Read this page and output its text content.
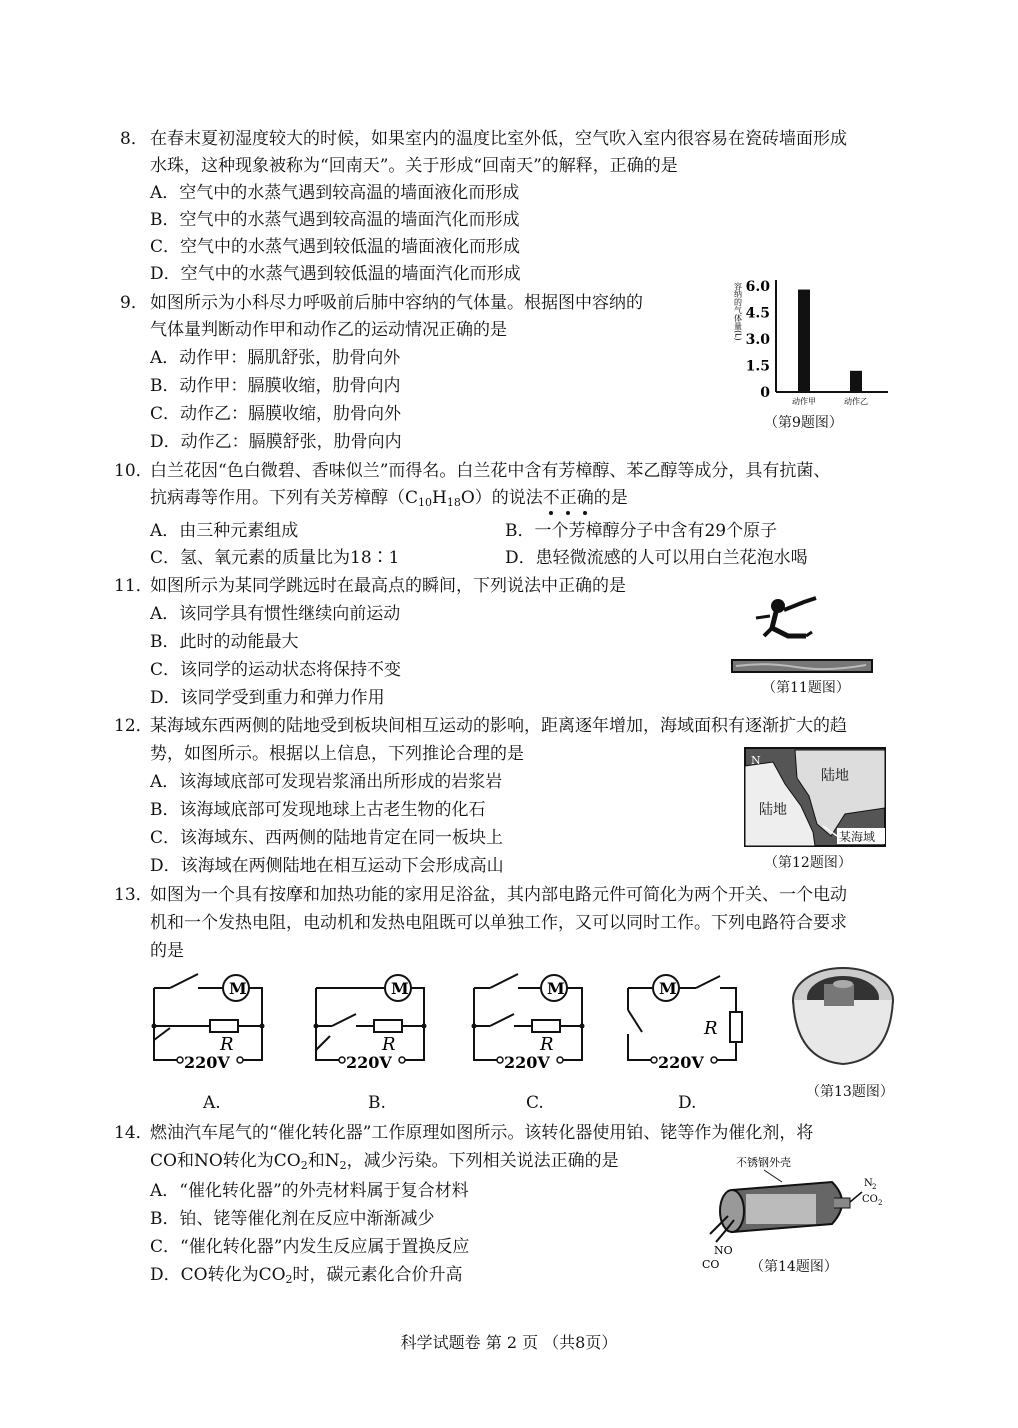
8． 在春末夏初湿度较大的时候，如果室内的温度比室外低，空气吹入室内很容易在瓷砖墙面形成
水珠，这种现象被称为“回南天”。关于形成“回南天”的解释，正确的是
A．空气中的水蒸气遇到较高温的墙面液化而形成
B．空气中的水蒸气遇到较高温的墙面汽化而形成
C．空气中的水蒸气遇到较低温的墙面液化而形成
D．空气中的水蒸气遇到较低温的墙面汽化而形成
9． 如图所示为小科尽力呼吸前后肺中容纳的气体量。根据图中容纳的
气体量判断动作甲和动作乙的运动情况正确的是
A．动作甲：膈肌舒张，肋骨向外
B．动作甲：膈膜收缩，肋骨向内
C．动作乙：膈膜收缩，肋骨向外
D．动作乙：膈膜舒张，肋骨向内
容纳的气体量(L) 6.0
4.5
3.0
1.5
0
动作甲	动作乙
（第9题图）
10．
白兰花因“色白微碧、香味似兰”而得名。白兰花中含有芳樟醇、苯乙醇等成分，具有抗菌、
抗病毒等作用。下列有关芳樟醇$(C_{10}H_{18}O)$的说法不正确的是
A．由三种元素组成	B．一个芳樟醇分子中含有29个原子
C．氢、氧元素的质量比为18∶1	D．患轻微流感的人可以用白兰花泡水喝
11．
如图所示为某同学跳远时在最高点的瞬间，下列说法中正确的是
A．该同学具有惯性继续向前运动
B．此时的动能最大
C．该同学的运动状态将保持不变
D．该同学受到重力和弹力作用	（第11题图）
12．
某海域东西两侧的陆地受到板块间相互运动的影响，距离逐年增加，海域面积有逐渐扩大的趋
势，如图所示。根据以上信息，下列推论合理的是
A．该海域底部可发现岩浆涌出所形成的岩浆岩
B．该海域底部可发现地球上古老生物的化石
C．该海域东、西两侧的陆地肯定在同一板块上
D．该海域在两侧陆地在相互运动下会形成高山
N
陆地
陆地
某海域
（第12题图）
13．
如图为一个具有按摩和加热功能的家用足浴盆，其内部电路元件可简化为两个开关、一个电动
机和一个发热电阻，电动机和发热电阻既可以单独工作，又可以同时工作。下列电路符合要求
的是
M
R
220V
A.
M
R
220V
B.
M
R
220V
C.
M
R
220V
D.
（第13题图）
14．
燃油汽车尾气的“催化转化器”工作原理如图所示。该转化器使用铂、铑等作为催化剂，将
CO和NO转化为$CO_2$和$N_2$，减少污染。下列相关说法正确的是
A．“催化转化器”的外壳材料属于复合材料
B．铂、铑等催化剂在反应中渐渐减少
C．“催化转化器”内发生反应属于置换反应
D．CO转化为$CO_2$时，碳元素化合价升高
不锈钢外壳
N 2
CO 2
NO
CO （第14题图）
科学试题卷 第 2 页 （共8页）
